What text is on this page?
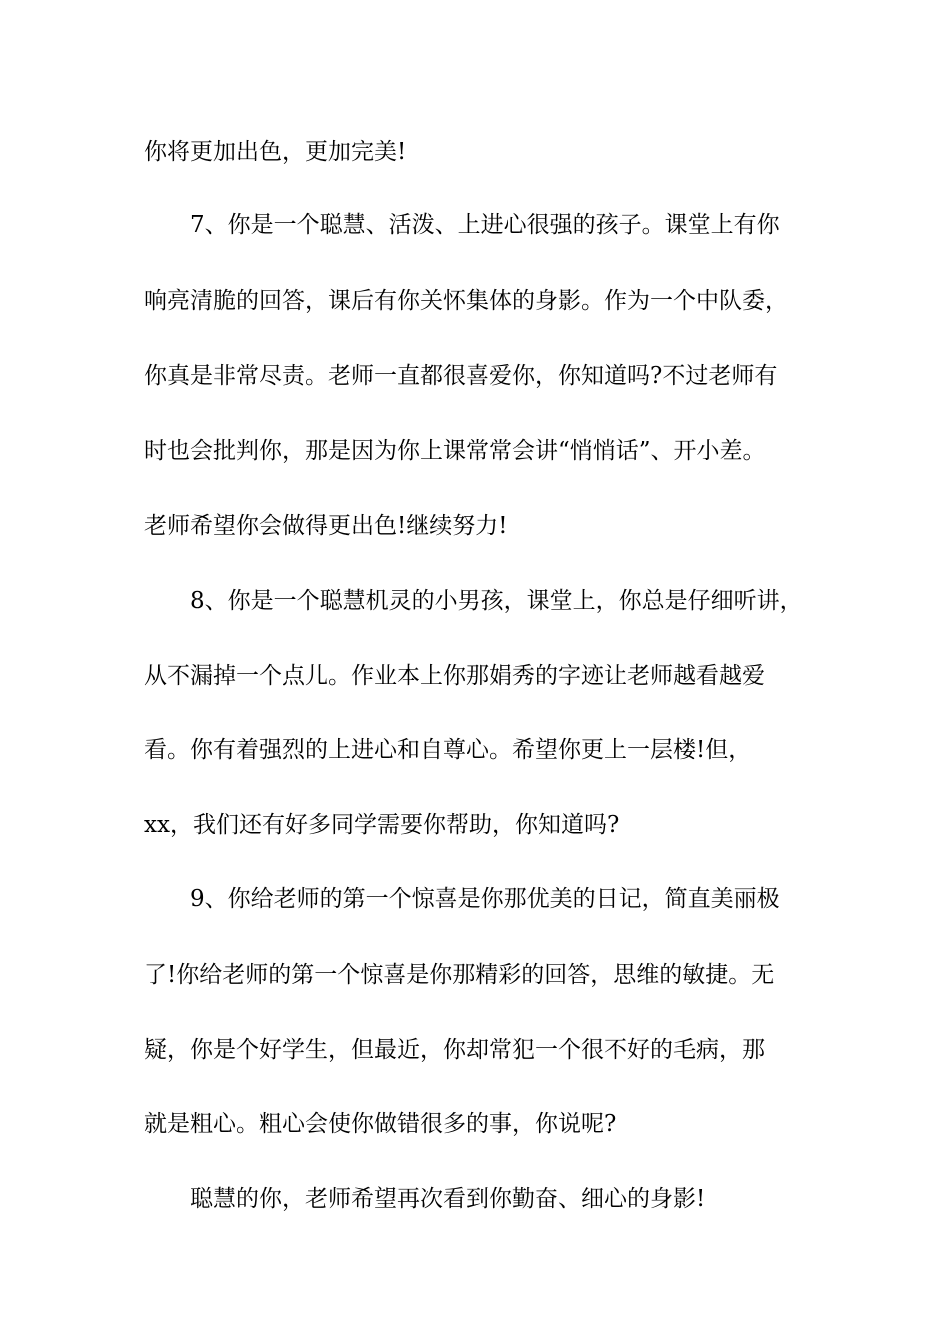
你将更加出色，更加完美!
7、你是一个聪慧、活泼、上进心很强的孩子。课堂上有你
响亮清脆的回答，课后有你关怀集体的身影。作为一个中队委，
你真是非常尽责。老师一直都很喜爱你，你知道吗?不过老师有
时也会批判你，那是因为你上课常常会讲“悄悄话”、开小差。
老师希望你会做得更出色!继续努力!
8、你是一个聪慧机灵的小男孩，课堂上，你总是仔细听讲，
从不漏掉一个点儿。作业本上你那娟秀的字迹让老师越看越爱
看。你有着强烈的上进心和自尊心。希望你更上一层楼!但，
xx，我们还有好多同学需要你帮助，你知道吗?
9、你给老师的第一个惊喜是你那优美的日记，简直美丽极
了!你给老师的第一个惊喜是你那精彩的回答，思维的敏捷。无
疑，你是个好学生，但最近，你却常犯一个很不好的毛病，那
就是粗心。粗心会使你做错很多的事，你说呢?
聪慧的你，老师希望再次看到你勤奋、细心的身影!
